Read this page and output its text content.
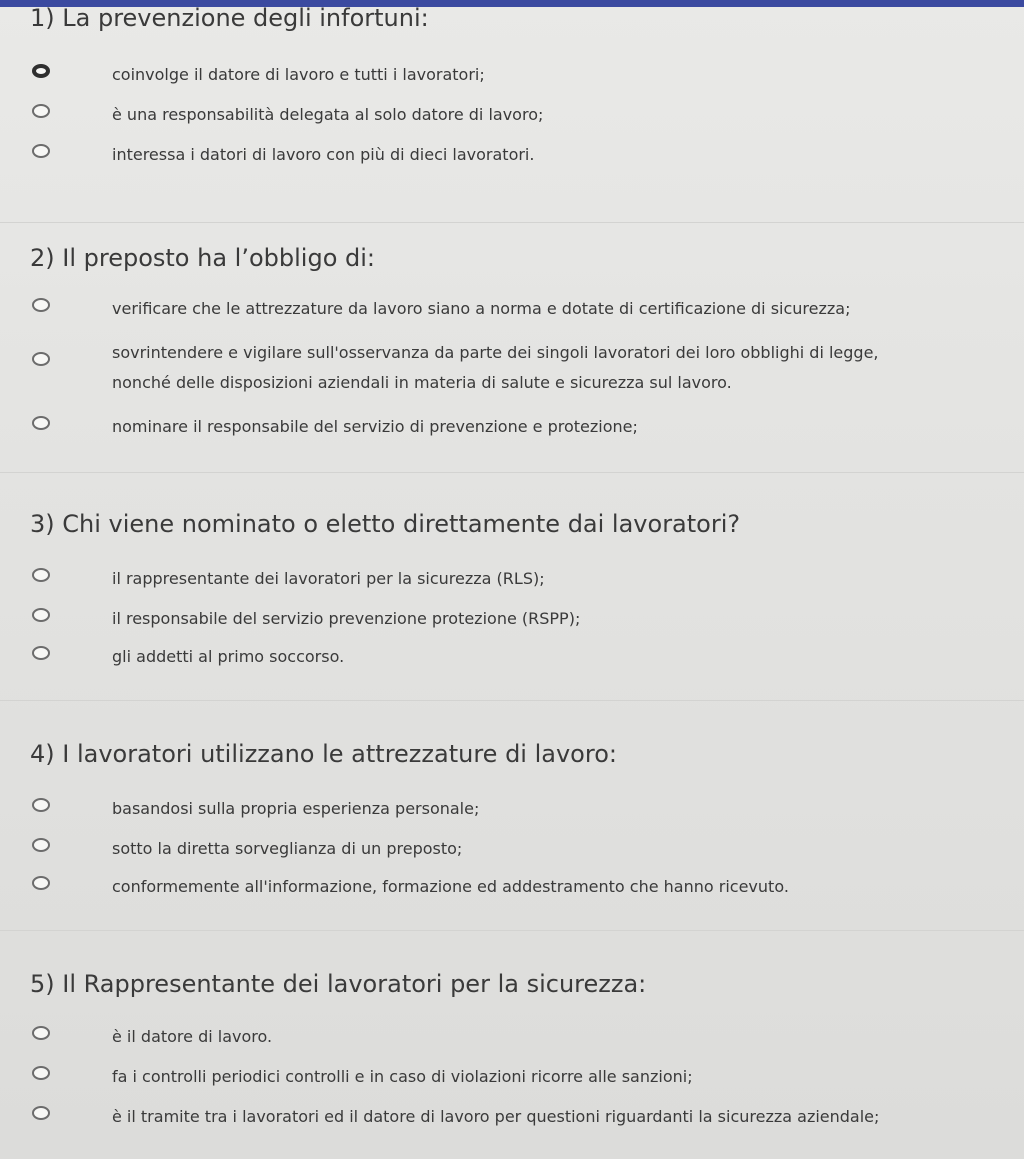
1) La prevenzione degli infortuni:
coinvolge il datore di lavoro e tutti i lavoratori;
è una responsabilità delegata al solo datore di lavoro;
interessa i datori di lavoro con più di dieci lavoratori.
2) Il preposto ha l’obbligo di:
verificare che le attrezzature da lavoro siano a norma e dotate di certificazione di sicurezza;
sovrintendere e vigilare sull'osservanza da parte dei singoli lavoratori dei loro obblighi di legge,
nonché delle disposizioni aziendali in materia di salute e sicurezza sul lavoro.
nominare il responsabile del servizio di prevenzione e protezione;
3) Chi viene nominato o eletto direttamente dai lavoratori?
il rappresentante dei lavoratori per la sicurezza (RLS);
il responsabile del servizio prevenzione protezione (RSPP);
gli addetti al primo soccorso.
4) I lavoratori utilizzano le attrezzature di lavoro:
basandosi sulla propria esperienza personale;
sotto la diretta sorveglianza di un preposto;
conformemente all'informazione, formazione ed addestramento che hanno ricevuto.
5) Il Rappresentante dei lavoratori per la sicurezza:
è il datore di lavoro.
fa i controlli periodici controlli e in caso di violazioni ricorre alle sanzioni;
è il tramite tra i lavoratori ed il datore di lavoro per questioni riguardanti la sicurezza aziendale;
